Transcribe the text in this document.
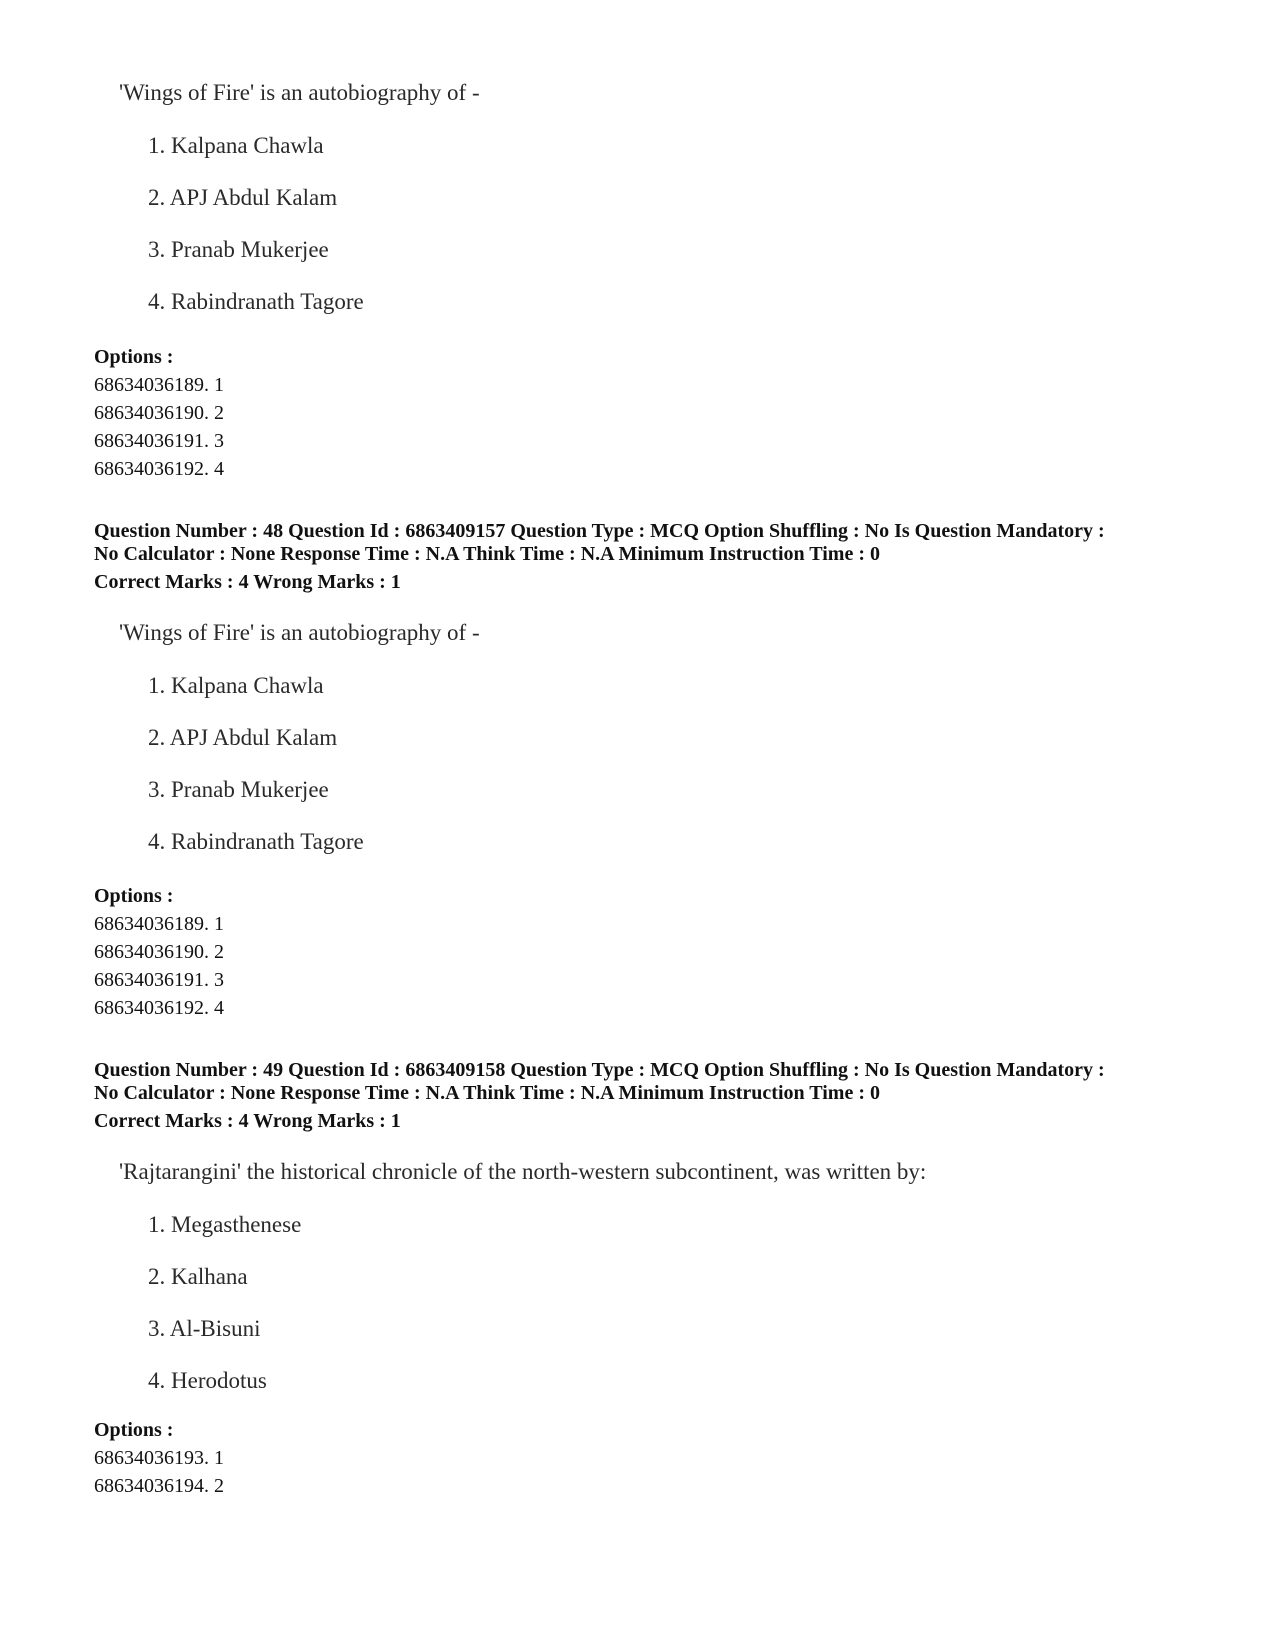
'Wings of Fire' is an autobiography of -
1. Kalpana Chawla
2. APJ Abdul Kalam
3. Pranab Mukerjee
4. Rabindranath Tagore
Options :
68634036189. 1
68634036190. 2
68634036191. 3
68634036192. 4
Question Number : 48 Question Id : 6863409157 Question Type : MCQ Option Shuffling : No Is Question Mandatory :
No Calculator : None Response Time : N.A Think Time : N.A Minimum Instruction Time : 0
Correct Marks : 4 Wrong Marks : 1
'Wings of Fire' is an autobiography of -
1. Kalpana Chawla
2. APJ Abdul Kalam
3. Pranab Mukerjee
4. Rabindranath Tagore
Options :
68634036189. 1
68634036190. 2
68634036191. 3
68634036192. 4
Question Number : 49 Question Id : 6863409158 Question Type : MCQ Option Shuffling : No Is Question Mandatory :
No Calculator : None Response Time : N.A Think Time : N.A Minimum Instruction Time : 0
Correct Marks : 4 Wrong Marks : 1
'Rajtarangini' the historical chronicle of the north-western subcontinent, was written by:
1. Megasthenese
2. Kalhana
3. Al-Bisuni
4. Herodotus
Options :
68634036193. 1
68634036194. 2
